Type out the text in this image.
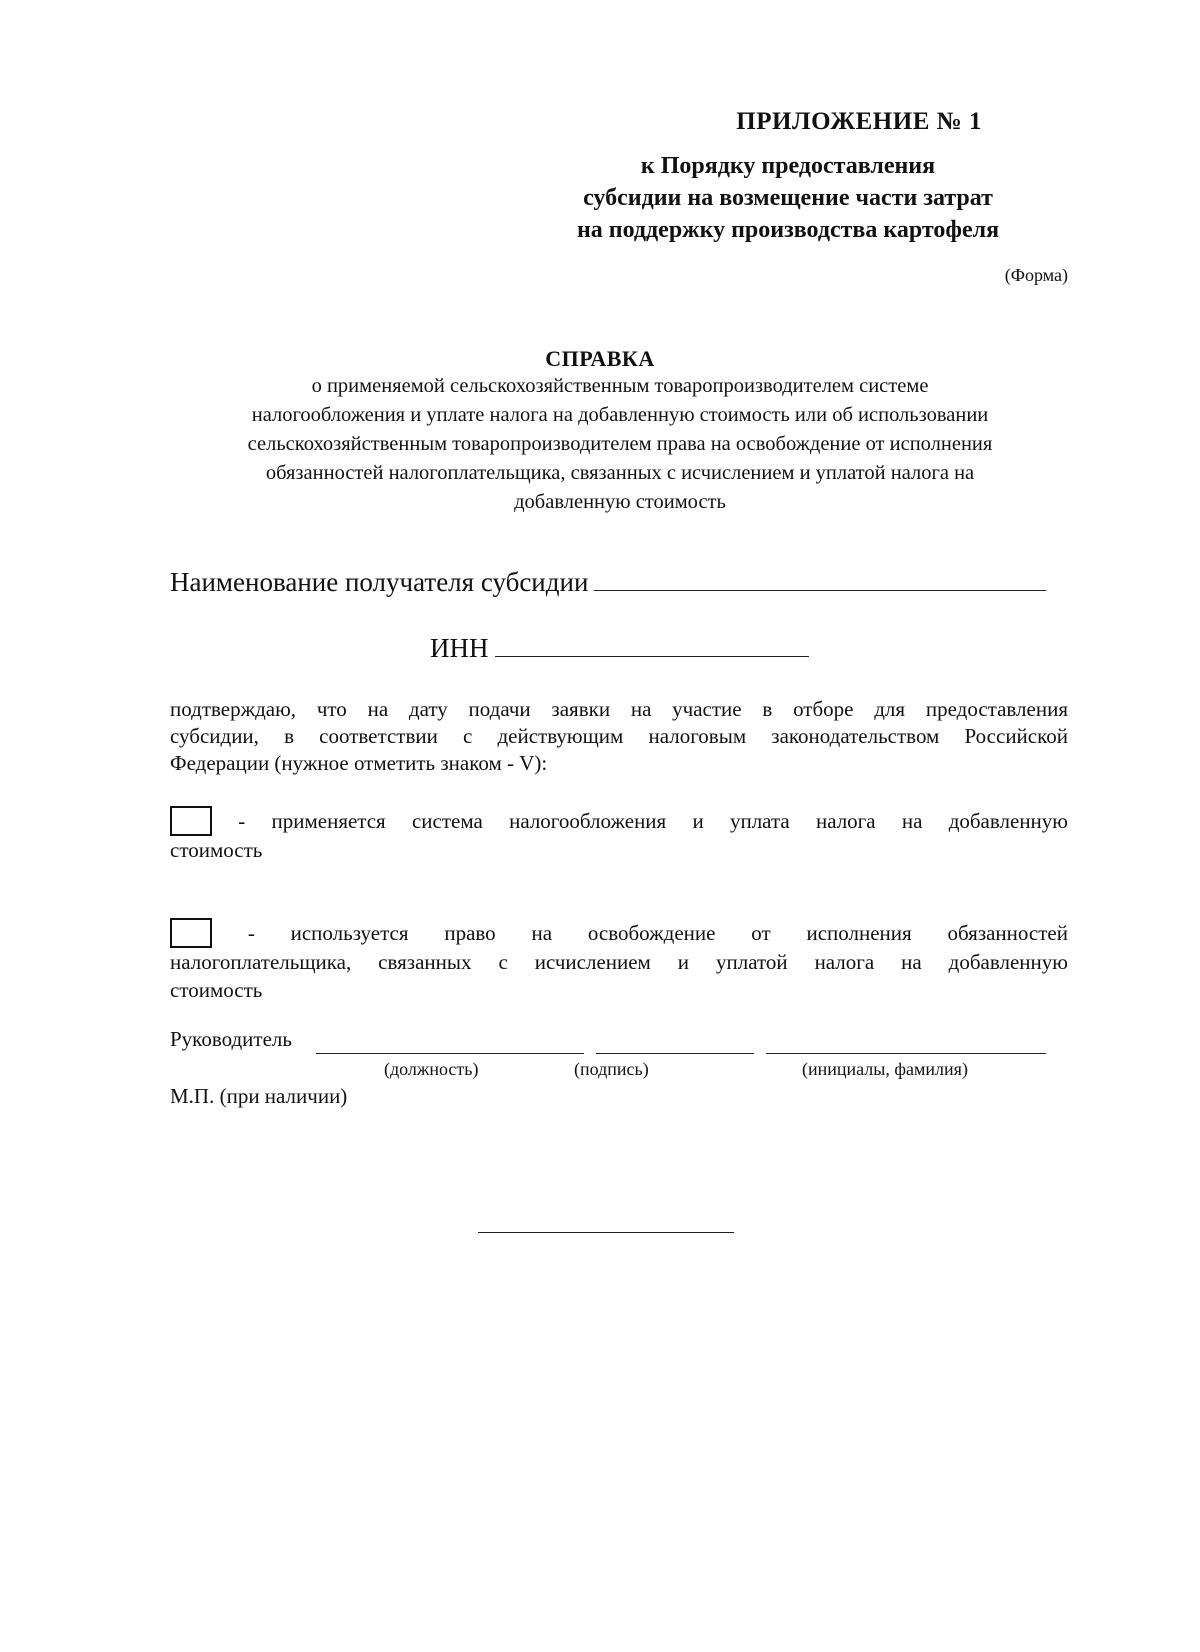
ПРИЛОЖЕНИЕ № 1
к Порядку предоставления
субсидии на возмещение части затрат
на поддержку производства картофеля
(Форма)
СПРАВКА
о применяемой сельскохозяйственным товаропроизводителем системе
налогообложения и уплате налога на добавленную стоимость или об использовании
сельскохозяйственным товаропроизводителем права на освобождение от исполнения
обязанностей налогоплательщика, связанных с исчислением и уплатой налога на
добавленную стоимость
Наименование получателя субсидии
ИНН
подтверждаю, что на дату подачи заявки на участие в отборе для предоставления
субсидии, в соответствии с действующим налоговым законодательством Российской
Федерации (нужное отметить знаком - V):
- применяется система налогообложения и уплата налога на добавленную
стоимость
- используется право на освобождение от исполнения обязанностей
налогоплательщика, связанных с исчислением и уплатой налога на добавленную
стоимость
Руководитель
(должность)	(подпись)	(инициалы, фамилия)
М.П. (при наличии)
